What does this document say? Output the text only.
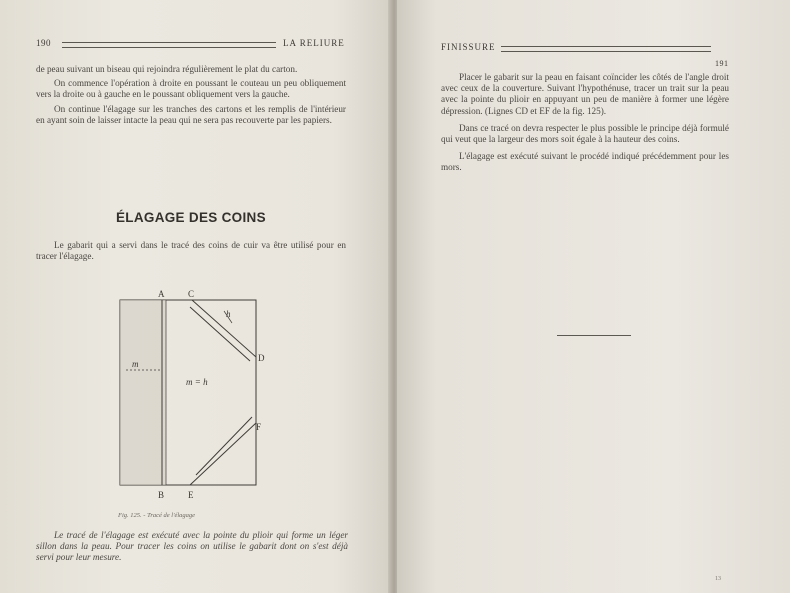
190	LA RELIURE

de peau suivant un biseau qui rejoindra régulièrement le plat du carton.

On commence l'opération à droite en poussant le couteau un peu obliquement vers la droite ou à gauche en le poussant obliquement vers la gauche.

On continue l'élagage sur les tranches des cartons et les remplis de l'intérieur en ayant soin de laisser intacte la peau qui ne sera pas recouverte par les papiers.

ÉLAGAGE DES COINS

Le gabarit qui a servi dans le tracé des coins de cuir va être utilisé pour en tracer l'élagage.

A	C
D
F
B	E
m
m = h
h
Fig. 125. - Tracé de l'élagage

Le tracé de l'élagage est exécuté avec la pointe du plioir qui forme un léger sillon dans la peau. Pour tracer les coins on utilise le gabarit dont on s'est déjà servi pour leur mesure.

FINISSURE
191

Placer le gabarit sur la peau en faisant coïncider les côtés de l'angle droit avec ceux de la couverture. Suivant l'hypothénuse, tracer un trait sur la peau avec la pointe du plioir en appuyant un peu de manière à former une légère dépression. (Lignes CD et EF de la fig. 125).

Dans ce tracé on devra respecter le plus possible le principe déjà formulé qui veut que la largeur des mors soit égale à la hauteur des coins.

L'élagage est exécuté suivant le procédé indiqué précédemment pour les mors.

13
